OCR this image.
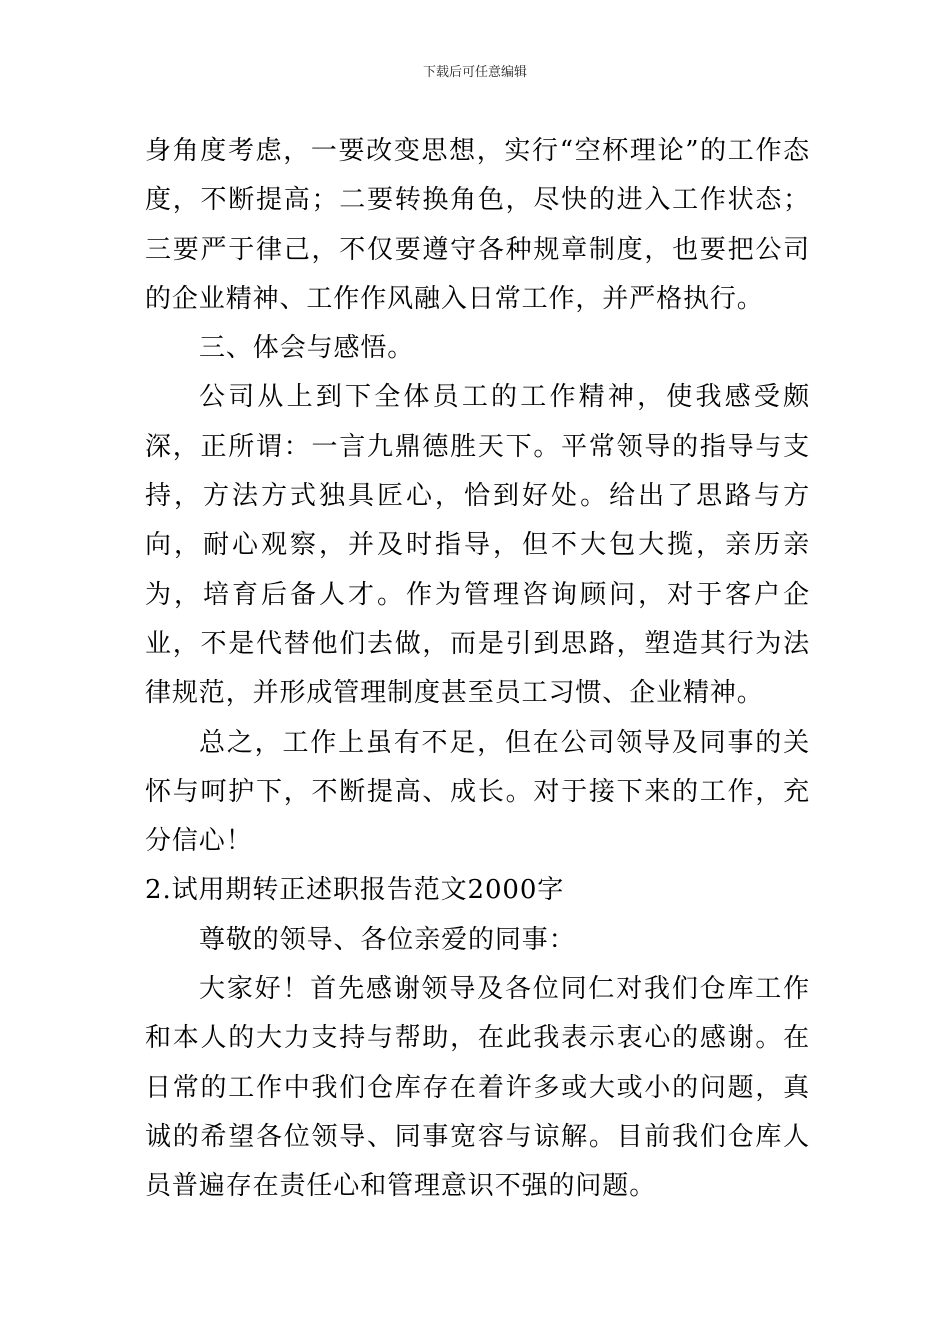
下载后可任意编辑

身角度考虑，一要改变思想，实行“空杯理论”的工作态度，不断提高；二要转换角色，尽快的进入工作状态；三要严于律己，不仅要遵守各种规章制度，也要把公司的企业精神、工作作风融入日常工作，并严格执行。

三、体会与感悟。

公司从上到下全体员工的工作精神，使我感受颇深，正所谓：一言九鼎德胜天下。平常领导的指导与支持，方法方式独具匠心，恰到好处。给出了思路与方向，耐心观察，并及时指导，但不大包大揽，亲历亲为，培育后备人才。作为管理咨询顾问，对于客户企业，不是代替他们去做，而是引到思路，塑造其行为法律规范，并形成管理制度甚至员工习惯、企业精神。

总之，工作上虽有不足，但在公司领导及同事的关怀与呵护下，不断提高、成长。对于接下来的工作，充分信心！

2.试用期转正述职报告范文2000字

尊敬的领导、各位亲爱的同事：

大家好！首先感谢领导及各位同仁对我们仓库工作和本人的大力支持与帮助，在此我表示衷心的感谢。在日常的工作中我们仓库存在着许多或大或小的问题，真诚的希望各位领导、同事宽容与谅解。目前我们仓库人员普遍存在责任心和管理意识不强的问题。
